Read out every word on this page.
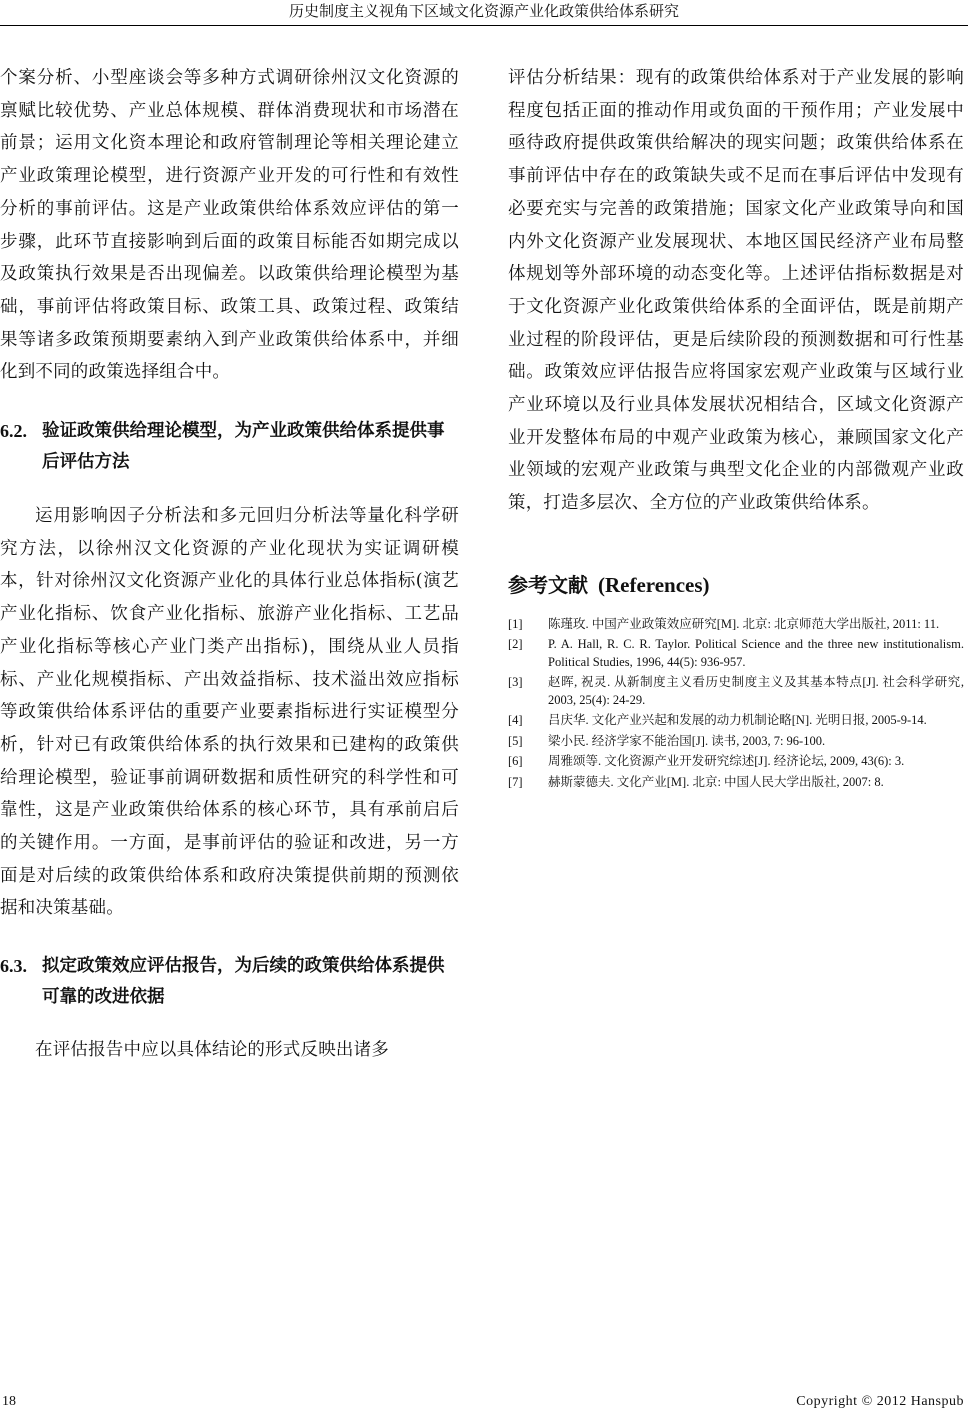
历史制度主义视角下区域文化资源产业化政策供给体系研究

个案分析、小型座谈会等多种方式调研徐州汉文化资源的禀赋比较优势、产业总体规模、群体消费现状和市场潜在前景；运用文化资本理论和政府管制理论等相关理论建立产业政策理论模型，进行资源产业开发的可行性和有效性分析的事前评估。这是产业政策供给体系效应评估的第一步骤，此环节直接影响到后面的政策目标能否如期完成以及政策执行效果是否出现偏差。以政策供给理论模型为基础，事前评估将政策目标、政策工具、政策过程、政策结果等诸多政策预期要素纳入到产业政策供给体系中，并细化到不同的政策选择组合中。

6.2. 验证政策供给理论模型，为产业政策供给体系提供事后评估方法

运用影响因子分析法和多元回归分析法等量化科学研究方法，以徐州汉文化资源的产业化现状为实证调研模本，针对徐州汉文化资源产业化的具体行业总体指标(演艺产业化指标、饮食产业化指标、旅游产业化指标、工艺品产业化指标等核心产业门类产出指标)，围绕从业人员指标、产业化规模指标、产出效益指标、技术溢出效应指标等政策供给体系评估的重要产业要素指标进行实证模型分析，针对已有政策供给体系的执行效果和已建构的政策供给理论模型，验证事前调研数据和质性研究的科学性和可靠性，这是产业政策供给体系的核心环节，具有承前启后的关键作用。一方面，是事前评估的验证和改进，另一方面是对后续的政策供给体系和政府决策提供前期的预测依据和决策基础。

6.3. 拟定政策效应评估报告，为后续的政策供给体系提供可靠的改进依据

在评估报告中应以具体结论的形式反映出诸多

评估分析结果：现有的政策供给体系对于产业发展的影响程度包括正面的推动作用或负面的干预作用；产业发展中亟待政府提供政策供给解决的现实问题；政策供给体系在事前评估中存在的政策缺失或不足而在事后评估中发现有必要充实与完善的政策措施；国家文化产业政策导向和国内外文化资源产业发展现状、本地区国民经济产业布局整体规划等外部环境的动态变化等。上述评估指标数据是对于文化资源产业化政策供给体系的全面评估，既是前期产业过程的阶段评估，更是后续阶段的预测数据和可行性基础。政策效应评估报告应将国家宏观产业政策与区域行业产业环境以及行业具体发展状况相结合，区域文化资源产业开发整体布局的中观产业政策为核心，兼顾国家文化产业领域的宏观产业政策与典型文化企业的内部微观产业政策，打造多层次、全方位的产业政策供给体系。

参考文献 (References)
[1]	陈瑾玫. 中国产业政策效应研究[M]. 北京: 北京师范大学出版社, 2011: 11.
[2]	P. A. Hall, R. C. R. Taylor. Political Science and the three new institutionalism. Political Studies, 1996, 44(5): 936-957.
[3]	赵晖, 祝灵. 从新制度主义看历史制度主义及其基本特点[J]. 社会科学研究, 2003, 25(4): 24-29.
[4]	吕庆华. 文化产业兴起和发展的动力机制论略[N]. 光明日报, 2005-9-14.
[5]	梁小民. 经济学家不能治国[J]. 读书, 2003, 7: 96-100.
[6]	周雅颂等. 文化资源产业开发研究综述[J]. 经济论坛, 2009, 43(6): 3.
[7]	赫斯蒙德夫. 文化产业[M]. 北京: 中国人民大学出版社, 2007: 8.
18	Copyright © 2012 Hanspub
